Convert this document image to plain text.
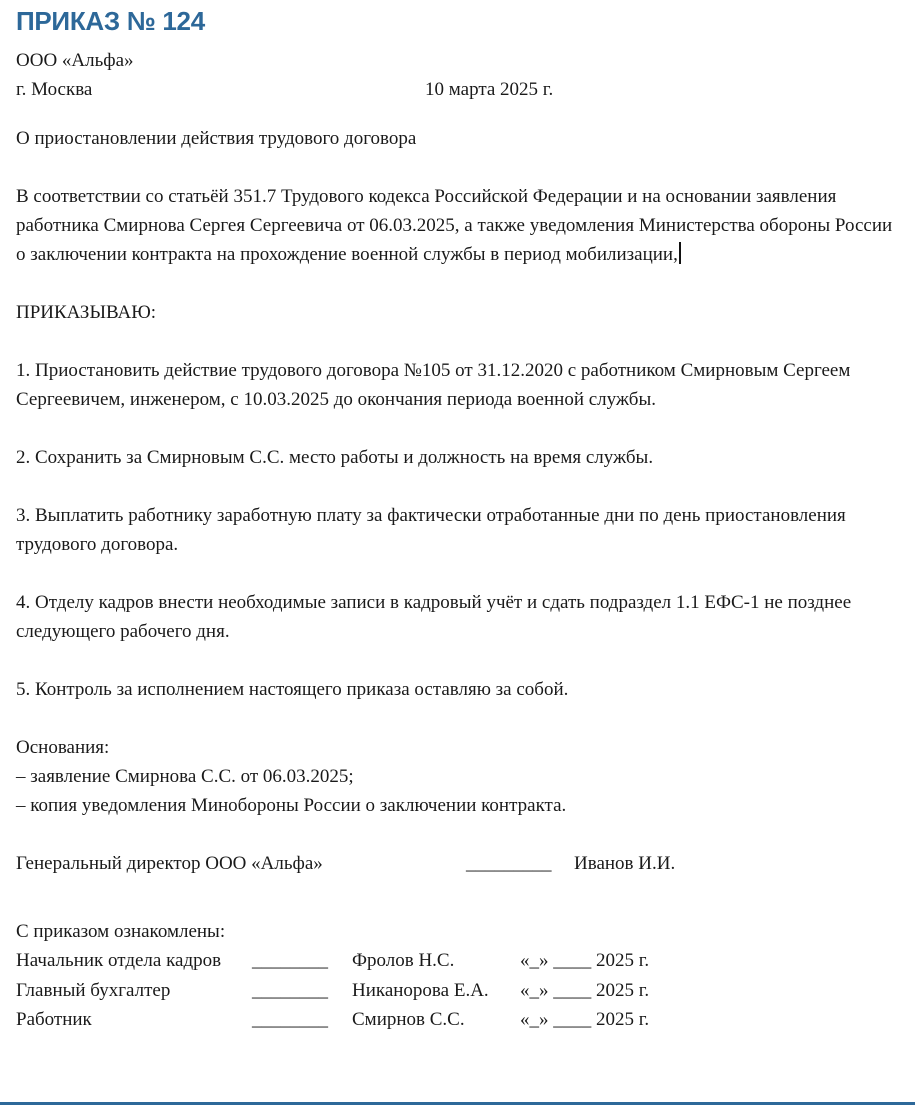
ПРИКАЗ № 124
ООО «Альфа»
г. Москва	10 марта 2025 г.

О приостановлении действия трудового договора

В соответствии со статьёй 351.7 Трудового кодекса Российской Федерации и на основании заявления работника Смирнова Сергея Сергеевича от 06.03.2025, а также уведомления Министерства обороны России о заключении контракта на прохождение военной службы в период мобилизации,

ПРИКАЗЫВАЮ:

1. Приостановить действие трудового договора №105 от 31.12.2020 с работником Смирновым Сергеем Сергеевичем, инженером, с 10.03.2025 до окончания периода военной службы.

2. Сохранить за Смирновым С.С. место работы и должность на время службы.

3. Выплатить работнику заработную плату за фактически отработанные дни по день приостановления трудового договора.

4. Отделу кадров внести необходимые записи в кадровый учёт и сдать подраздел 1.1 ЕФС-1 не позднее следующего рабочего дня.

5. Контроль за исполнением настоящего приказа оставляю за собой.

Основания:
– заявление Смирнова С.С. от 06.03.2025;
– копия уведомления Минобороны России о заключении контракта.
Генеральный директор ООО «Альфа»	_________	Иванов И.И.
С приказом ознакомлены:
Начальник отдела кадров	________	Фролов Н.С.	«_» ____ 2025 г.
Главный бухгалтер	________	Никанорова Е.А.	«_» ____ 2025 г.
Работник	________	Смирнов С.С.	«_» ____ 2025 г.
